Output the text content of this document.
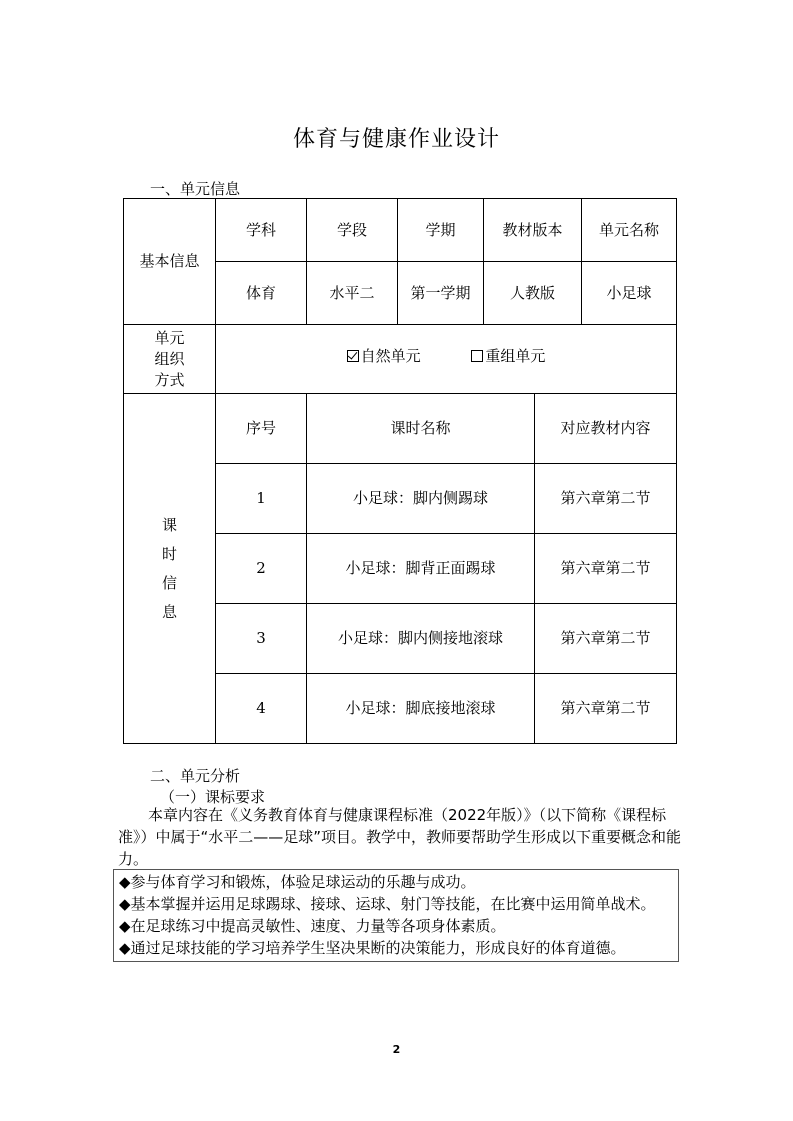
体育与健康作业设计
一、单元信息
基本信息	学科	学段	学期	教材版本	单元名称
	体育	水平二	第一学期	人教版	小足球

单元
组织
方式	自然单元 重组单元				
课
时
信
息	序号	课时名称	对应教材内容
	1	小足球：脚内侧踢球	第六章第二节
	2	小足球：脚背正面踢球	第六章第二节
	3	小足球：脚内侧接地滚球	第六章第二节
	4	小足球：脚底接地滚球	第六章第二节
二、单元分析
（一）课标要求
本章内容在《义务教育体育与健康课程标准（2022年版）》（以下简称《课程标准》）中属于“水平二——足球”项目。教学中，教师要帮助学生形成以下重要概念和能力。
◆参与体育学习和锻炼，体验足球运动的乐趣与成功。
◆基本掌握并运用足球踢球、接球、运球、射门等技能，在比赛中运用简单战术。
◆在足球练习中提高灵敏性、速度、力量等各项身体素质。
◆通过足球技能的学习培养学生坚决果断的决策能力，形成良好的体育道德。
2
